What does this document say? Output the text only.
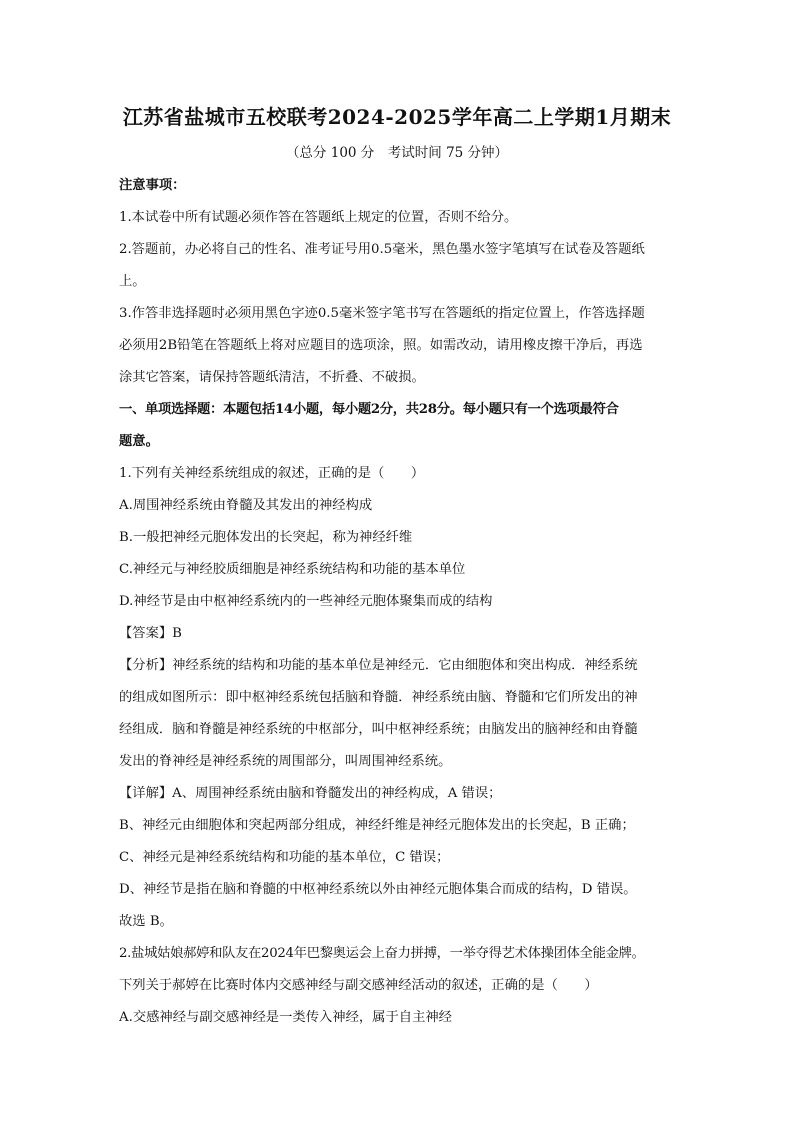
江苏省盐城市五校联考2024-2025学年高二上学期1月期末
（总分 100 分　考试时间 75 分钟）
注意事项：
1.本试卷中所有试题必须作答在答题纸上规定的位置，否则不给分。
2.答题前，办必将自己的性名、准考证号用0.5毫米，黑色墨水签字笔填写在试卷及答题纸
上。
3.作答非选择题时必须用黑色字迹0.5毫米签字笔书写在答题纸的指定位置上，作答选择题
必须用2B铅笔在答题纸上将对应题目的选项涂，照。如需改动，请用橡皮擦干净后，再选
涂其它答案，请保持答题纸清洁，不折叠、不破损。
一、单项选择题：本题包括14小题，每小题2分，共28分。每小题只有一个选项最符合
题意。
1.下列有关神经系统组成的叙述，正确的是（　　）
A.周围神经系统由脊髓及其发出的神经构成
B.一般把神经元胞体发出的长突起，称为神经纤维
C.神经元与神经胶质细胞是神经系统结构和功能的基本单位
D.神经节是由中枢神经系统内的一些神经元胞体聚集而成的结构
【答案】B
【分析】神经系统的结构和功能的基本单位是神经元．它由细胞体和突出构成．神经系统
的组成如图所示：即中枢神经系统包括脑和脊髓．神经系统由脑、脊髓和它们所发出的神
经组成．脑和脊髓是神经系统的中枢部分，叫中枢神经系统；由脑发出的脑神经和由脊髓
发出的脊神经是神经系统的周围部分，叫周围神经系统。
【详解】A、周围神经系统由脑和脊髓发出的神经构成，A 错误；
B、神经元由细胞体和突起两部分组成，神经纤维是神经元胞体发出的长突起，B 正确；
C、神经元是神经系统结构和功能的基本单位，C 错误；
D、神经节是指在脑和脊髓的中枢神经系统以外由神经元胞体集合而成的结构，D 错误。
故选 B。
2.盐城姑娘郝婷和队友在2024年巴黎奥运会上奋力拼搏，一举夺得艺术体操团体全能金牌。
下列关于郝婷在比赛时体内交感神经与副交感神经活动的叙述，正确的是（　　）
A.交感神经与副交感神经是一类传入神经，属于自主神经
